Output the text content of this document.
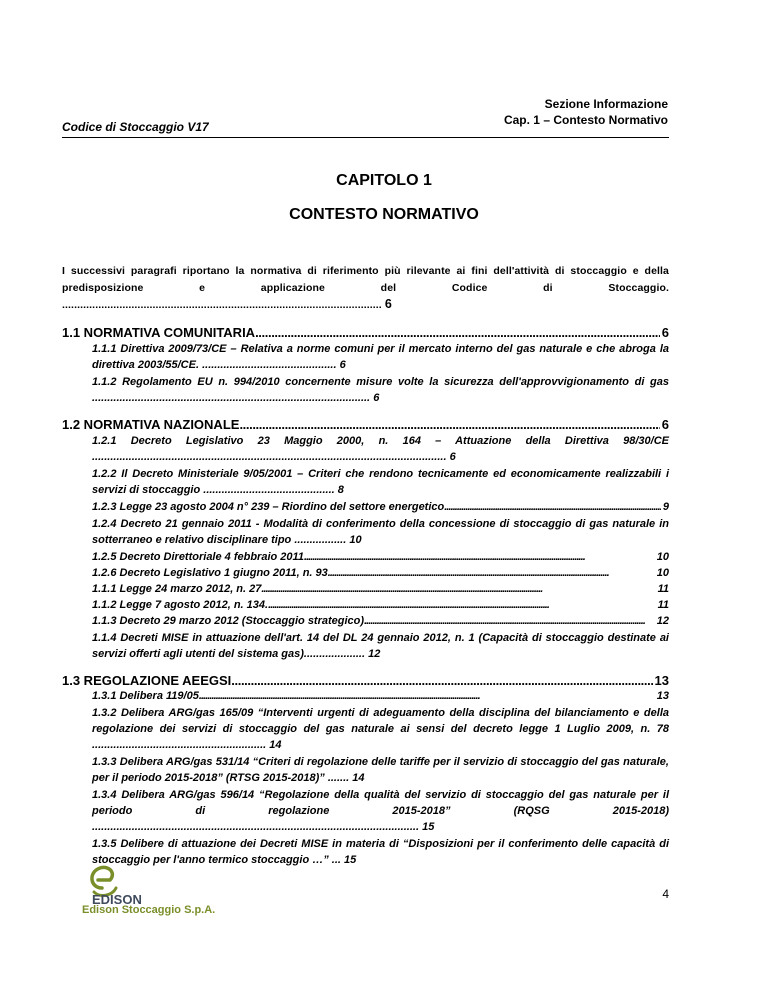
Codice di Stoccaggio V17
Sezione Informazione
Cap. 1 – Contesto Normativo
CAPITOLO 1
CONTESTO NORMATIVO
I successivi paragrafi riportano la normativa di riferimento più rilevante ai fini dell'attività di stoccaggio e della predisposizione e applicazione del Codice di Stoccaggio. .......................................................................................................... 6
1.1 NORMATIVA COMUNITARIA . . .	6
1.1.1 Direttiva 2009/73/CE – Relativa a norme comuni per il mercato interno del gas naturale e che abroga la direttiva 2003/55/CE. ............................................ 6
1.1.2 Regolamento EU n. 994/2010 concernente misure volte la sicurezza dell'approvvigionamento di gas ........................................................................................... 6
1.2 NORMATIVA NAZIONALE . . .	6
1.2.1 Decreto Legislativo 23 Maggio 2000, n. 164 – Attuazione della Direttiva 98/30/CE .................................................................................................................... 6
1.2.2 Il Decreto Ministeriale 9/05/2001 – Criteri che rendono tecnicamente ed economicamente realizzabili i servizi di stoccaggio ........................................... 8
1.2.3 Legge 23 agosto 2004 n° 239 – Riordino del settore energetico . . .	9
1.2.4 Decreto 21 gennaio 2011 - Modalità di conferimento della concessione di stoccaggio di gas naturale in sotterraneo e relativo disciplinare tipo ................. 10
1.2.5 Decreto Direttoriale 4 febbraio 2011 . . .	10
1.2.6 Decreto Legislativo 1 giugno 2011, n. 93 . . .	10
1.1.1 Legge 24 marzo 2012, n. 27 . . .	11
1.1.2 Legge 7 agosto 2012, n. 134. . . .	11
1.1.3 Decreto 29 marzo 2012 (Stoccaggio strategico) . . .	12
1.1.4 Decreti MISE in attuazione dell'art. 14 del DL 24 gennaio 2012, n. 1 (Capacità di stoccaggio destinate ai servizi offerti agli utenti del sistema gas).................... 12
1.3 REGOLAZIONE AEEGSI . . .	13
1.3.1 Delibera 119/05 . . .	13
1.3.2 Delibera ARG/gas 165/09 “Interventi urgenti di adeguamento della disciplina del bilanciamento e della regolazione dei servizi di stoccaggio del gas naturale ai sensi del decreto legge 1 Luglio 2009, n. 78 ......................................................... 14
1.3.3 Delibera ARG/gas 531/14 “Criteri di regolazione delle tariffe per il servizio di stoccaggio del gas naturale, per il periodo 2015-2018” (RTSG 2015-2018)” ....... 14
1.3.4 Delibera ARG/gas 596/14 “Regolazione della qualità del servizio di stoccaggio del gas naturale per il periodo di regolazione 2015-2018” (RQSG 2015-2018) ........................................................................................................... 15
1.3.5 Delibere di attuazione dei Decreti MISE in materia di “Disposizioni per il conferimento delle capacità di stoccaggio per l'anno termico stoccaggio …” ... 15
4
EDISON
Edison Stoccaggio S.p.A.
